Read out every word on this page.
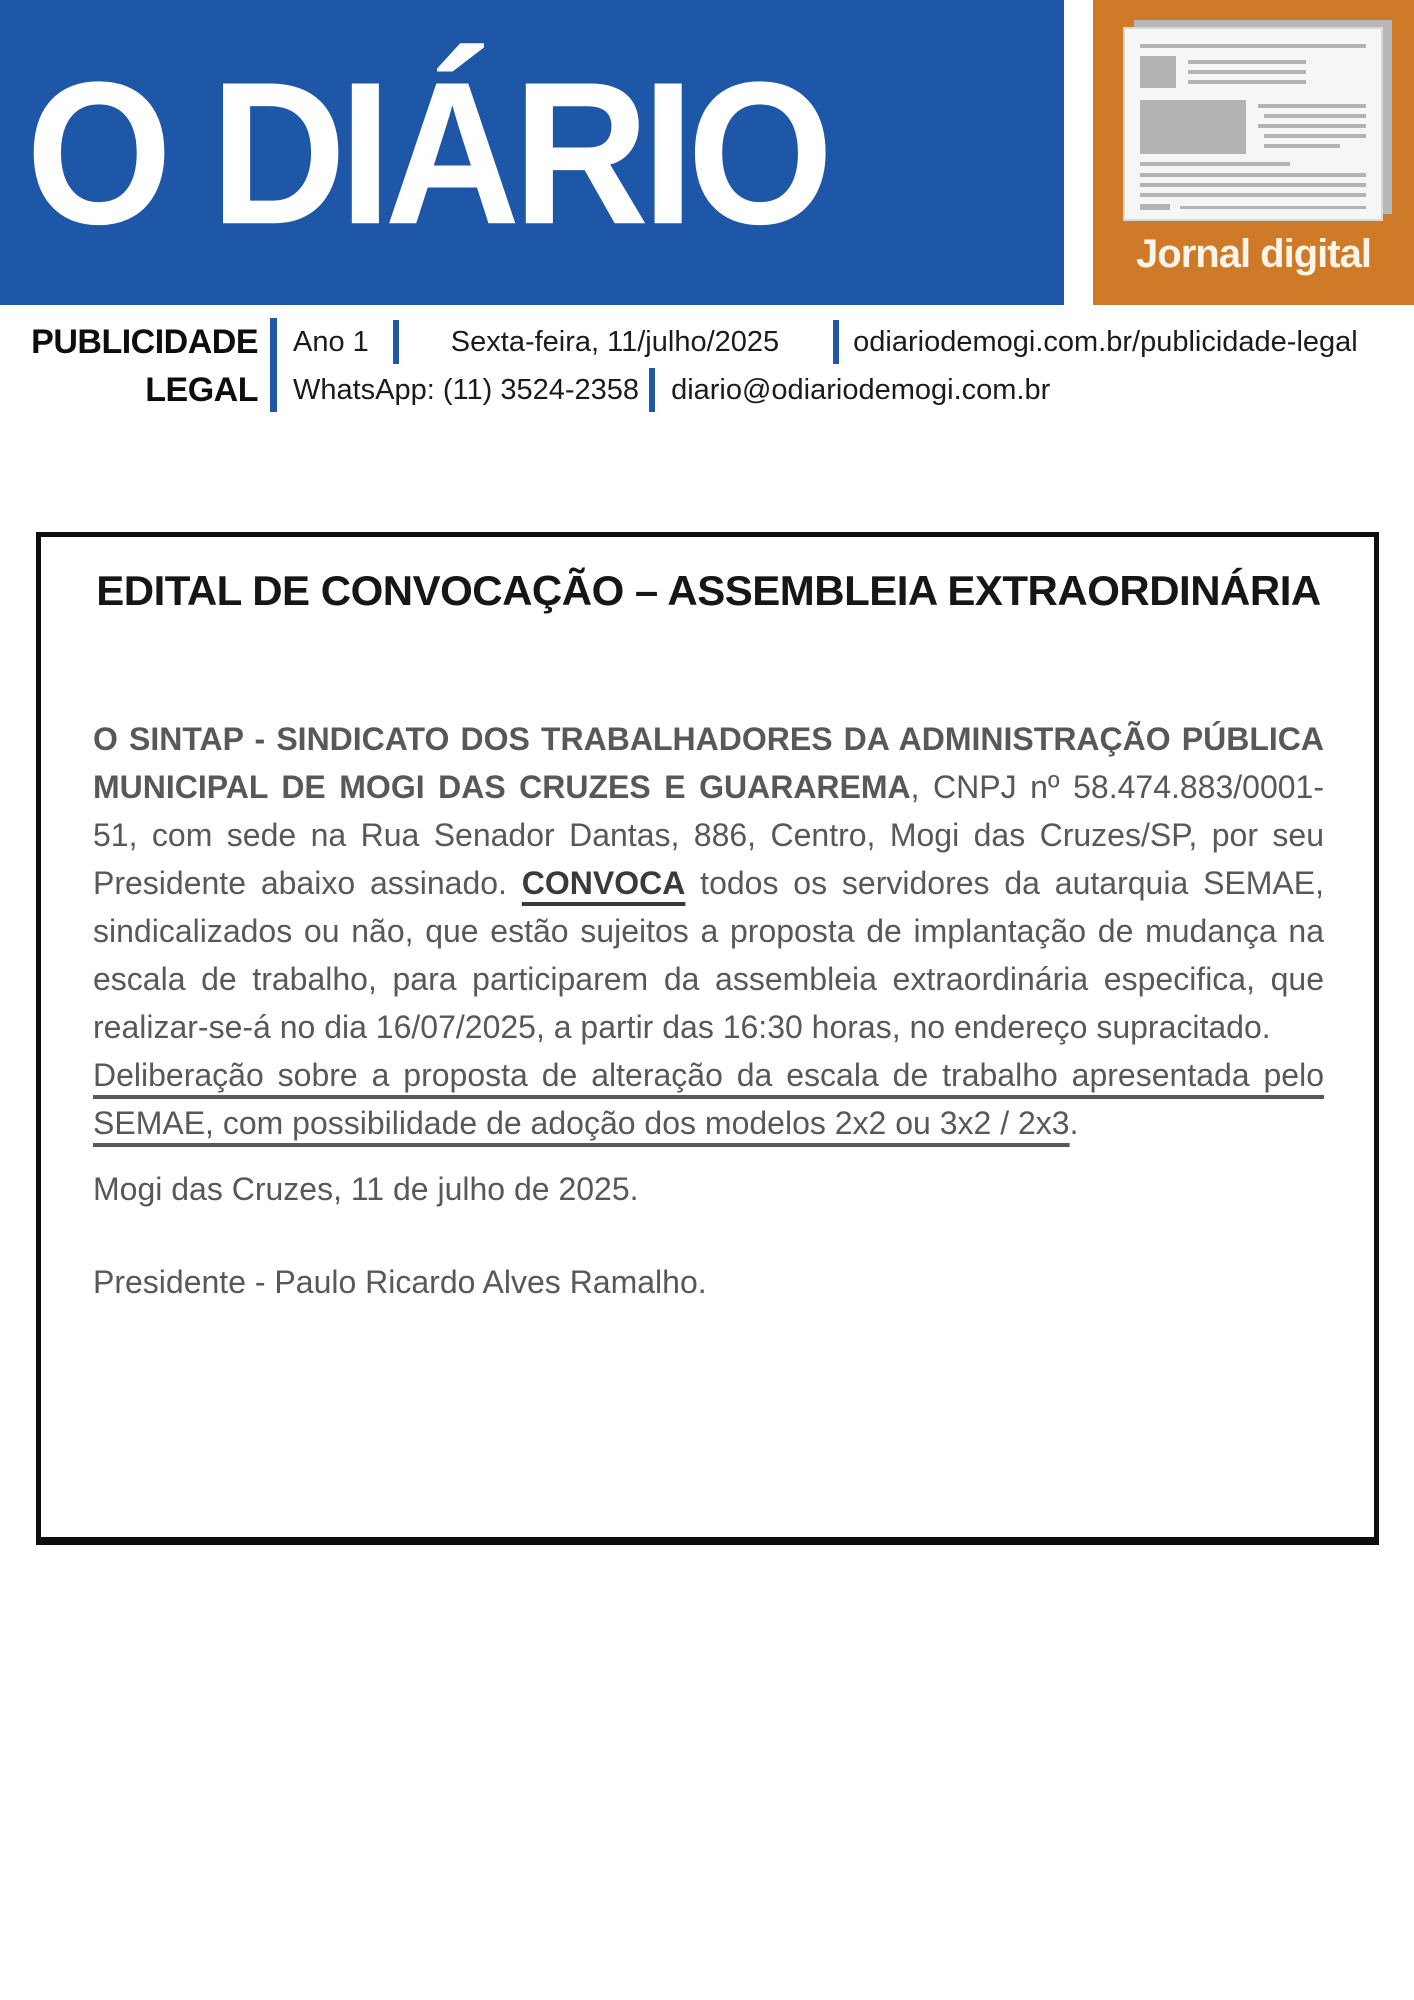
O DIÁRIO	Jornal digital
PUBLICIDADE
LEGAL
Ano 1	Sexta-feira, 11/julho/2025	odiariodemogi.com.br/publicidade-legal
WhatsApp: (11) 3524-2358 diario@odiariodemogi.com.br
EDITAL DE CONVOCAÇÃO – ASSEMBLEIA EXTRAORDINÁRIA
O SINTAP - SINDICATO DOS TRABALHADORES DA ADMINISTRAÇÃO PÚBLICA MUNICIPAL DE MOGI DAS CRUZES E GUARAREMA, CNPJ nº 58.474.883/0001-51, com sede na Rua Senador Dantas, 886, Centro, Mogi das Cruzes/SP, por seu Presidente abaixo assinado. CONVOCA todos os servidores da autarquia SEMAE, sindicalizados ou não, que estão sujeitos a proposta de implantação de mudança na escala de trabalho, para participarem da assembleia extraordinária especifica, que realizar-se-á no dia 16/07/2025, a partir das 16:30 horas, no endereço supracitado.
Deliberação sobre a proposta de alteração da escala de trabalho apresentada pelo SEMAE, com possibilidade de adoção dos modelos 2x2 ou 3x2 / 2x3.
Mogi das Cruzes, 11 de julho de 2025.
Presidente - Paulo Ricardo Alves Ramalho.
